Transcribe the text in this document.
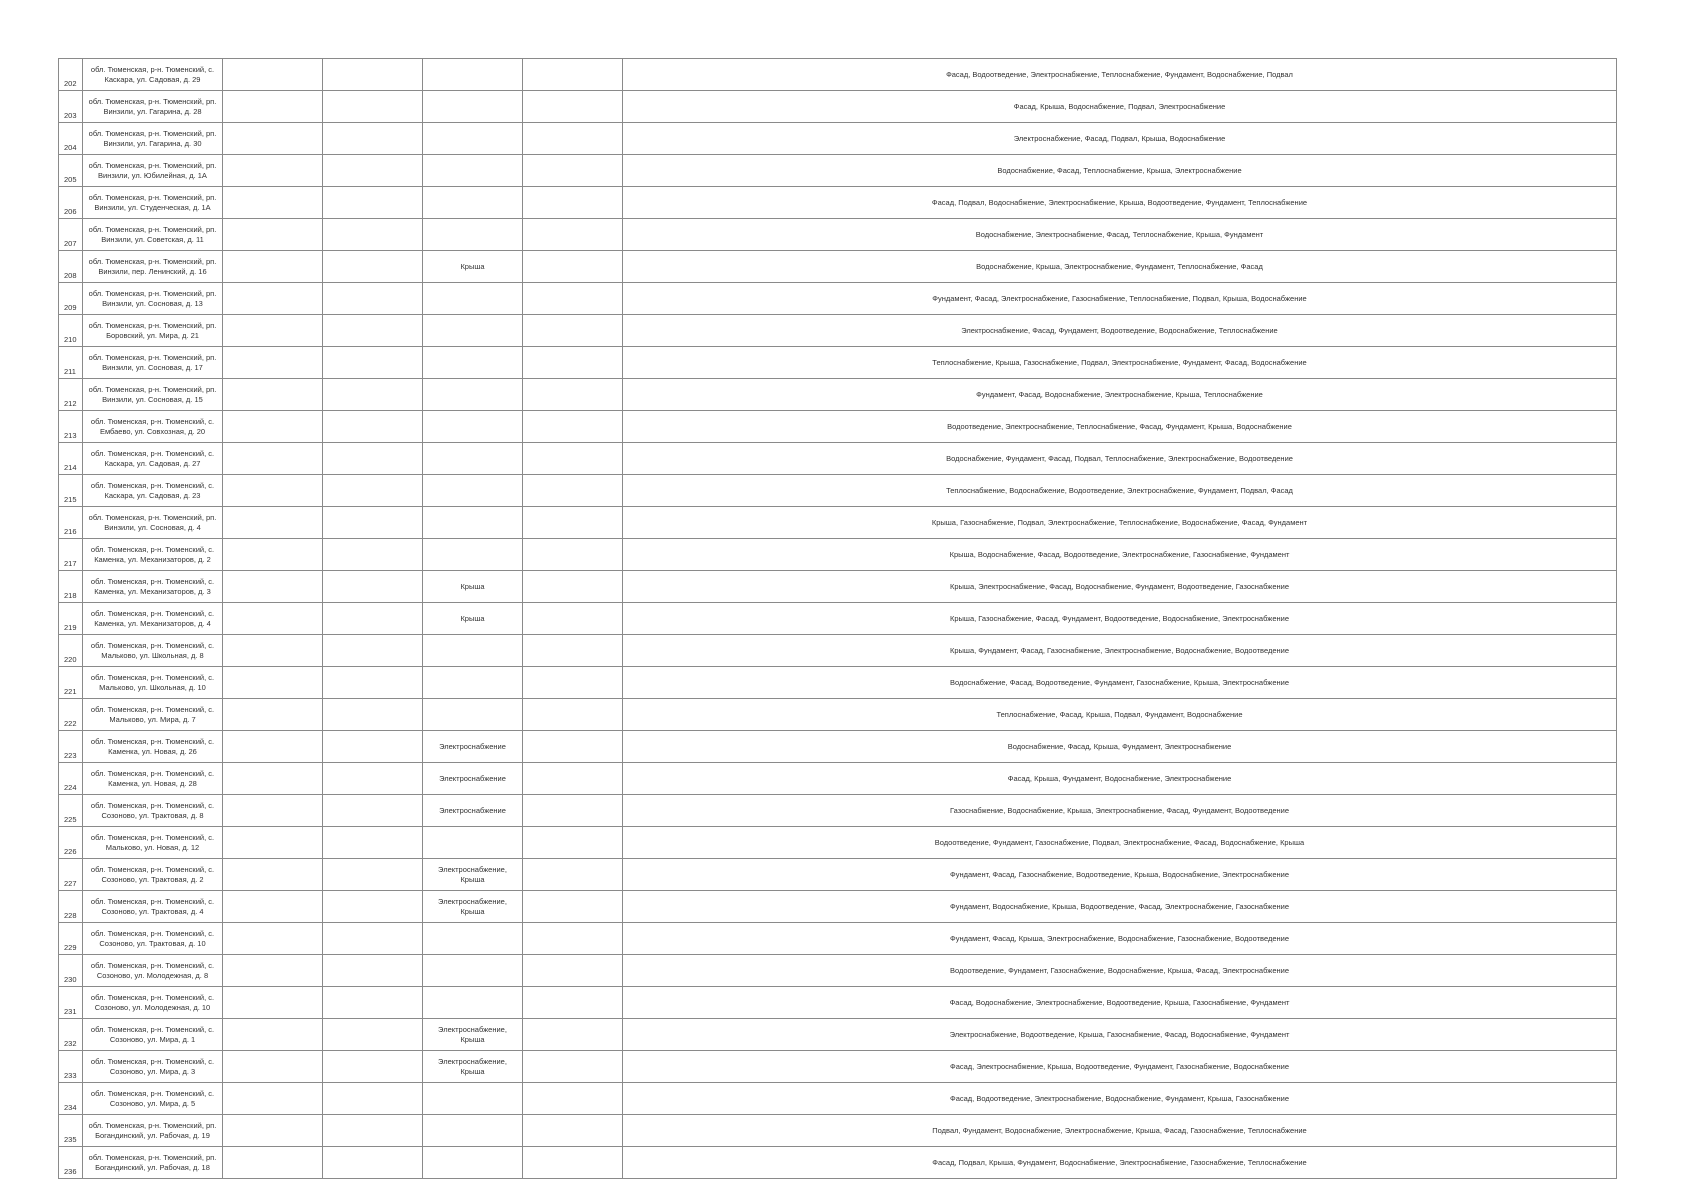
202	обл. Тюменская, р-н. Тюменский, с. Каскара, ул. Садовая, д. 29					Фасад, Водоотведение, Электроснабжение, Теплоснабжение, Фундамент, Водоснабжение, Подвал
203	обл. Тюменская, р-н. Тюменский, рп. Винзили, ул. Гагарина, д. 28					Фасад, Крыша, Водоснабжение, Подвал, Электроснабжение
204	обл. Тюменская, р-н. Тюменский, рп. Винзили, ул. Гагарина, д. 30					Электроснабжение, Фасад, Подвал, Крыша, Водоснабжение
205	обл. Тюменская, р-н. Тюменский, рп. Винзили, ул. Юбилейная, д. 1А					Водоснабжение, Фасад, Теплоснабжение, Крыша, Электроснабжение
206	обл. Тюменская, р-н. Тюменский, рп. Винзили, ул. Студенческая, д. 1А					Фасад, Подвал, Водоснабжение, Электроснабжение, Крыша, Водоотведение, Фундамент, Теплоснабжение
207	обл. Тюменская, р-н. Тюменский, рп. Винзили, ул. Советская, д. 11					Водоснабжение, Электроснабжение, Фасад, Теплоснабжение, Крыша, Фундамент
208	обл. Тюменская, р-н. Тюменский, рп. Винзили, пер. Ленинский, д. 16			Крыша		Водоснабжение, Крыша, Электроснабжение, Фундамент, Теплоснабжение, Фасад
209	обл. Тюменская, р-н. Тюменский, рп. Винзили, ул. Сосновая, д. 13					Фундамент, Фасад, Электроснабжение, Газоснабжение, Теплоснабжение, Подвал, Крыша, Водоснабжение
210	обл. Тюменская, р-н. Тюменский, рп. Боровский, ул. Мира, д. 21					Электроснабжение, Фасад, Фундамент, Водоотведение, Водоснабжение, Теплоснабжение
211	обл. Тюменская, р-н. Тюменский, рп. Винзили, ул. Сосновая, д. 17					Теплоснабжение, Крыша, Газоснабжение, Подвал, Электроснабжение, Фундамент, Фасад, Водоснабжение
212	обл. Тюменская, р-н. Тюменский, рп. Винзили, ул. Сосновая, д. 15					Фундамент, Фасад, Водоснабжение, Электроснабжение, Крыша, Теплоснабжение
213	обл. Тюменская, р-н. Тюменский, с. Ембаево, ул. Совхозная, д. 20					Водоотведение, Электроснабжение, Теплоснабжение, Фасад, Фундамент, Крыша, Водоснабжение
214	обл. Тюменская, р-н. Тюменский, с. Каскара, ул. Садовая, д. 27					Водоснабжение, Фундамент, Фасад, Подвал, Теплоснабжение, Электроснабжение, Водоотведение
215	обл. Тюменская, р-н. Тюменский, с. Каскара, ул. Садовая, д. 23					Теплоснабжение, Водоснабжение, Водоотведение, Электроснабжение, Фундамент, Подвал, Фасад
216	обл. Тюменская, р-н. Тюменский, рп. Винзили, ул. Сосновая, д. 4					Крыша, Газоснабжение, Подвал, Электроснабжение, Теплоснабжение, Водоснабжение, Фасад, Фундамент
217	обл. Тюменская, р-н. Тюменский, с. Каменка, ул. Механизаторов, д. 2					Крыша, Водоснабжение, Фасад, Водоотведение, Электроснабжение, Газоснабжение, Фундамент
218	обл. Тюменская, р-н. Тюменский, с. Каменка, ул. Механизаторов, д. 3			Крыша		Крыша, Электроснабжение, Фасад, Водоснабжение, Фундамент, Водоотведение, Газоснабжение
219	обл. Тюменская, р-н. Тюменский, с. Каменка, ул. Механизаторов, д. 4			Крыша		Крыша, Газоснабжение, Фасад, Фундамент, Водоотведение, Водоснабжение, Электроснабжение
220	обл. Тюменская, р-н. Тюменский, с. Мальково, ул. Школьная, д. 8					Крыша, Фундамент, Фасад, Газоснабжение, Электроснабжение, Водоснабжение, Водоотведение
221	обл. Тюменская, р-н. Тюменский, с. Мальково, ул. Школьная, д. 10					Водоснабжение, Фасад, Водоотведение, Фундамент, Газоснабжение, Крыша, Электроснабжение
222	обл. Тюменская, р-н. Тюменский, с. Мальково, ул. Мира, д. 7					Теплоснабжение, Фасад, Крыша, Подвал, Фундамент, Водоснабжение
223	обл. Тюменская, р-н. Тюменский, с. Каменка, ул. Новая, д. 26			Электроснабжение		Водоснабжение, Фасад, Крыша, Фундамент, Электроснабжение
224	обл. Тюменская, р-н. Тюменский, с. Каменка, ул. Новая, д. 28			Электроснабжение		Фасад, Крыша, Фундамент, Водоснабжение, Электроснабжение
225	обл. Тюменская, р-н. Тюменский, с. Созоново, ул. Трактовая, д. 8			Электроснабжение		Газоснабжение, Водоснабжение, Крыша, Электроснабжение, Фасад, Фундамент, Водоотведение
226	обл. Тюменская, р-н. Тюменский, с. Мальково, ул. Новая, д. 12					Водоотведение, Фундамент, Газоснабжение, Подвал, Электроснабжение, Фасад, Водоснабжение, Крыша
227	обл. Тюменская, р-н. Тюменский, с. Созоново, ул. Трактовая, д. 2			Электроснабжение, Крыша		Фундамент, Фасад, Газоснабжение, Водоотведение, Крыша, Водоснабжение, Электроснабжение
228	обл. Тюменская, р-н. Тюменский, с. Созоново, ул. Трактовая, д. 4			Электроснабжение, Крыша		Фундамент, Водоснабжение, Крыша, Водоотведение, Фасад, Электроснабжение, Газоснабжение
229	обл. Тюменская, р-н. Тюменский, с. Созоново, ул. Трактовая, д. 10					Фундамент, Фасад, Крыша, Электроснабжение, Водоснабжение, Газоснабжение, Водоотведение
230	обл. Тюменская, р-н. Тюменский, с. Созоново, ул. Молодежная, д. 8					Водоотведение, Фундамент, Газоснабжение, Водоснабжение, Крыша, Фасад, Электроснабжение
231	обл. Тюменская, р-н. Тюменский, с. Созоново, ул. Молодежная, д. 10					Фасад, Водоснабжение, Электроснабжение, Водоотведение, Крыша, Газоснабжение, Фундамент
232	обл. Тюменская, р-н. Тюменский, с. Созоново, ул. Мира, д. 1			Электроснабжение, Крыша		Электроснабжение, Водоотведение, Крыша, Газоснабжение, Фасад, Водоснабжение, Фундамент
233	обл. Тюменская, р-н. Тюменский, с. Созоново, ул. Мира, д. 3			Электроснабжение, Крыша		Фасад, Электроснабжение, Крыша, Водоотведение, Фундамент, Газоснабжение, Водоснабжение
234	обл. Тюменская, р-н. Тюменский, с. Созоново, ул. Мира, д. 5					Фасад, Водоотведение, Электроснабжение, Водоснабжение, Фундамент, Крыша, Газоснабжение
235	обл. Тюменская, р-н. Тюменский, рп. Богандинский, ул. Рабочая, д. 19					Подвал, Фундамент, Водоснабжение, Электроснабжение, Крыша, Фасад, Газоснабжение, Теплоснабжение
236	обл. Тюменская, р-н. Тюменский, рп. Богандинский, ул. Рабочая, д. 18					Фасад, Подвал, Крыша, Фундамент, Водоснабжение, Электроснабжение, Газоснабжение, Теплоснабжение
